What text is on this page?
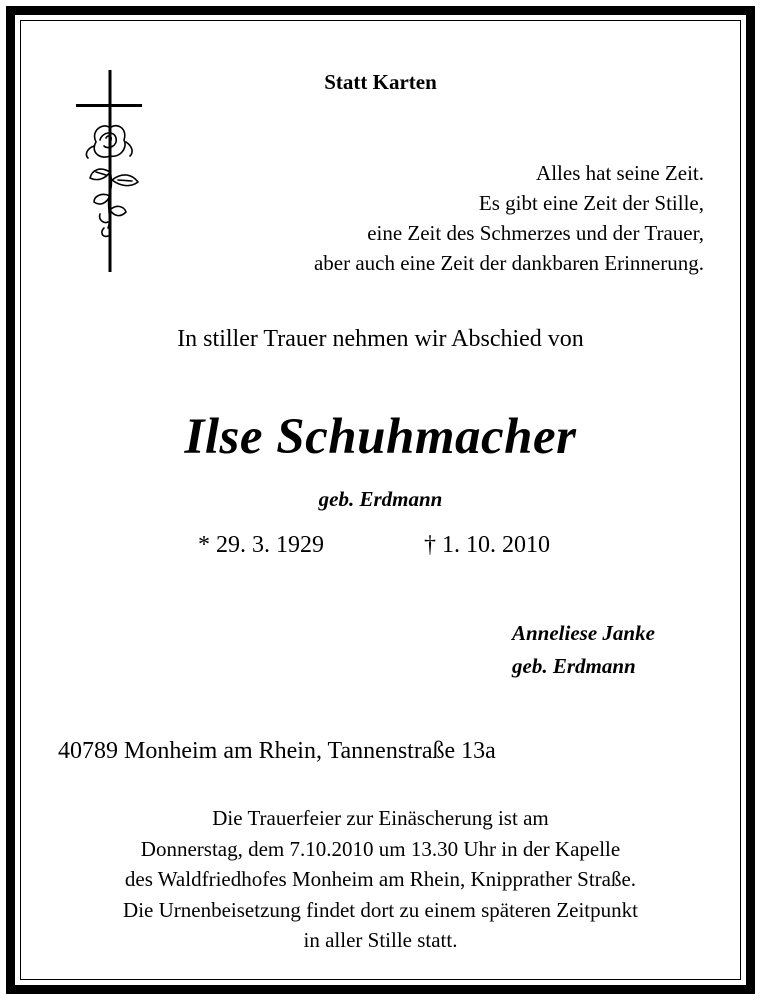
Statt Karten
Alles hat seine Zeit.
Es gibt eine Zeit der Stille,
eine Zeit des Schmerzes und der Trauer,
aber auch eine Zeit der dankbaren Erinnerung.
In stiller Trauer nehmen wir Abschied von
Ilse Schuhmacher
geb. Erdmann
* 29. 3. 1929	† 1. 10. 2010
Anneliese Janke
geb. Erdmann
40789 Monheim am Rhein, Tannenstraße 13a
Die Trauerfeier zur Einäscherung ist am
Donnerstag, dem 7.10.2010 um 13.30 Uhr in der Kapelle
des Waldfriedhofes Monheim am Rhein, Knipprather Straße.
Die Urnenbeisetzung findet dort zu einem späteren Zeitpunkt
in aller Stille statt.
